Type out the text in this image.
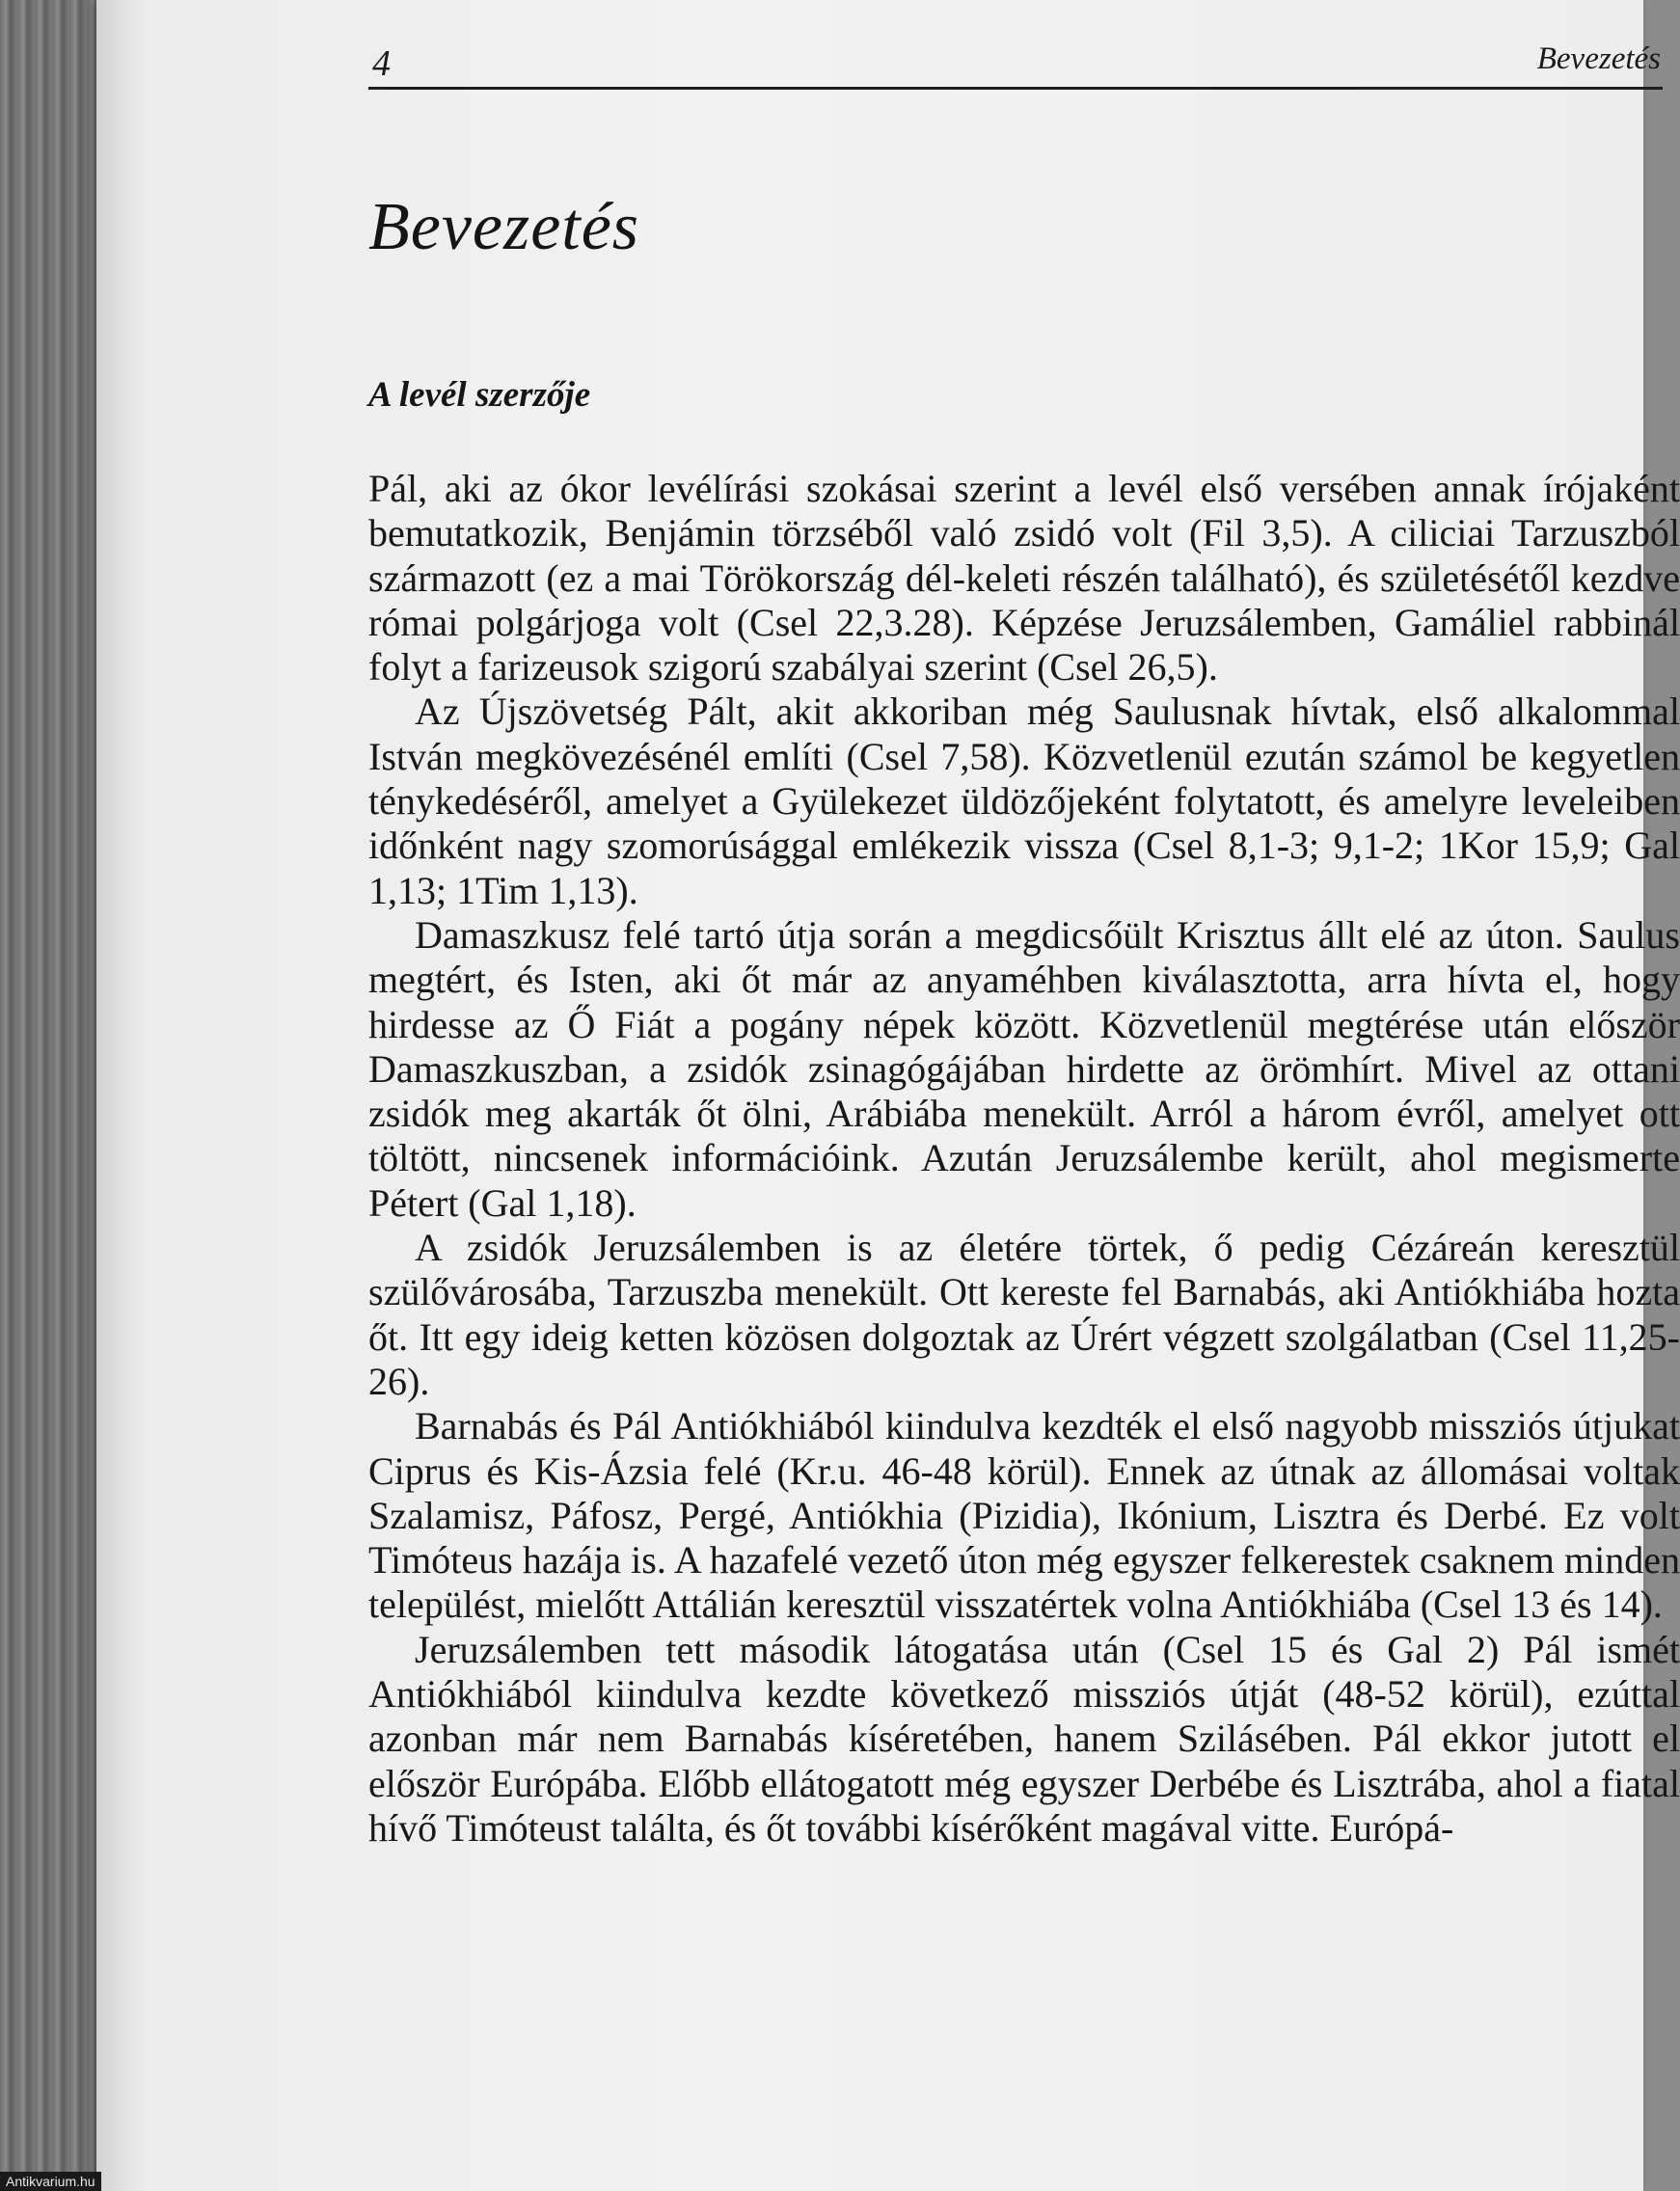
4	Bevezetés
Bevezetés
A levél szerzője

Pál, aki az ókor levélírási szokásai szerint a levél első versében annak írójaként bemutatkozik, Benjámin törzséből való zsidó volt (Fil 3,5). A ciliciai Tarzuszból származott (ez a mai Törökország dél-keleti részén található), és születésétől kezdve római polgárjoga volt (Csel 22,3.28). Képzése Jeruzsálemben, Gamáliel rabbinál folyt a farizeusok szigorú szabályai szerint (Csel 26,5).

Az Újszövetség Pált, akit akkoriban még Saulusnak hívtak, első alkalommal István megkövezésénél említi (Csel 7,58). Közvetlenül ezután számol be kegyetlen ténykedéséről, amelyet a Gyülekezet üldözőjeként folytatott, és amelyre leveleiben időnként nagy szomorúsággal emlékezik vissza (Csel 8,1-3; 9,1-2; 1Kor 15,9; Gal 1,13; 1Tim 1,13).

Damaszkusz felé tartó útja során a megdicsőült Krisztus állt elé az úton. Saulus megtért, és Isten, aki őt már az anyaméhben kiválasztotta, arra hívta el, hogy hirdesse az Ő Fiát a pogány népek között. Közvetlenül megtérése után először Damaszkuszban, a zsidók zsinagógájában hirdette az örömhírt. Mivel az ottani zsidók meg akarták őt ölni, Arábiába menekült. Arról a három évről, amelyet ott töltött, nincsenek információink. Azután Jeruzsálembe került, ahol megismerte Pétert (Gal 1,18).

A zsidók Jeruzsálemben is az életére törtek, ő pedig Cézáreán keresztül szülővárosába, Tarzuszba menekült. Ott kereste fel Barnabás, aki Antiókhiába hozta őt. Itt egy ideig ketten közösen dolgoztak az Úrért végzett szolgálatban (Csel 11,25-26).

Barnabás és Pál Antiókhiából kiindulva kezdték el első nagyobb missziós útjukat Ciprus és Kis-Ázsia felé (Kr.u. 46-48 körül). Ennek az útnak az állomásai voltak Szalamisz, Páfosz, Pergé, Antiókhia (Pizidia), Ikónium, Lisztra és Derbé. Ez volt Timóteus hazája is. A hazafelé vezető úton még egyszer felkerestek csaknem minden települést, mielőtt Attálián keresztül visszatértek volna Antiókhiába (Csel 13 és 14).

Jeruzsálemben tett második látogatása után (Csel 15 és Gal 2) Pál ismét Antiókhiából kiindulva kezdte következő missziós útját (48-52 körül), ezúttal azonban már nem Barnabás kíséretében, hanem Szilásében. Pál ekkor jutott el először Európába. Előbb ellátogatott még egyszer Derbébe és Lisztrába, ahol a fiatal hívő Timóteust találta, és őt további kísérőként magával vitte. Európá-

Antikvarium.hu
